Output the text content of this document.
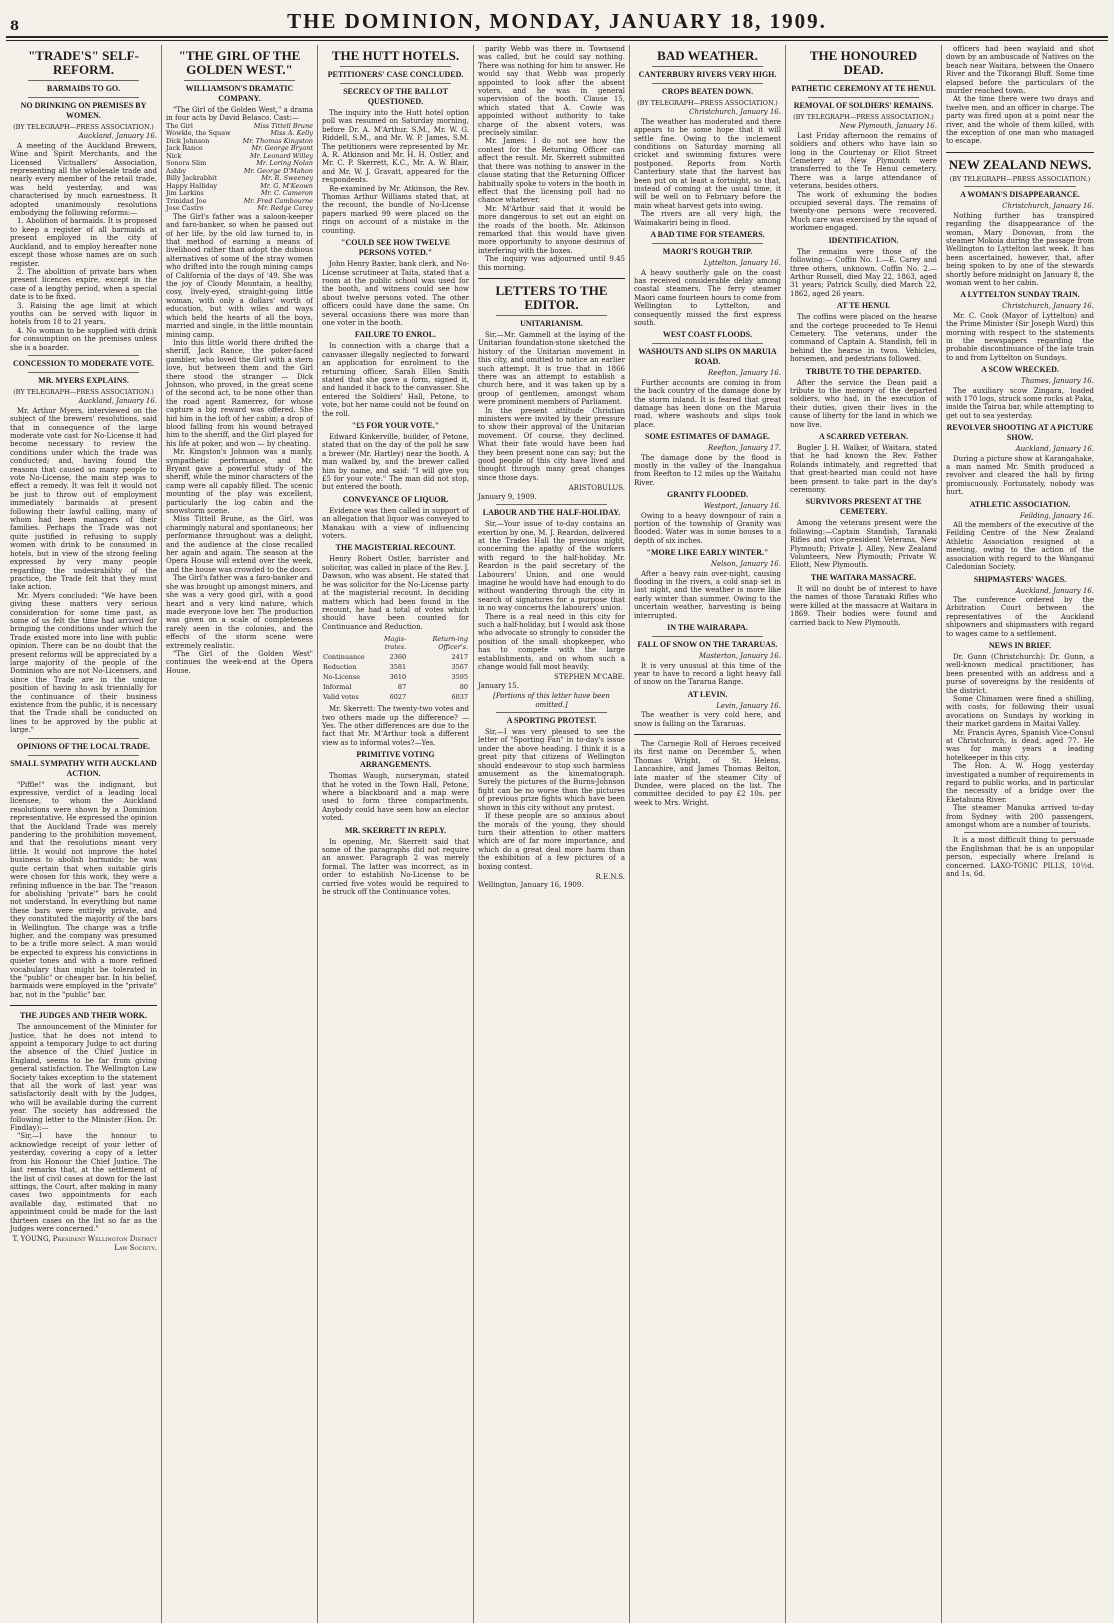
8	THE DOMINION, MONDAY, JANUARY 18, 1909.
"TRADE'S" SELF-REFORM.
BARMAIDS TO GO.
NO DRINKING ON PREMISES BY WOMEN.
(BY TELEGRAPH—PRESS ASSOCIATION.)
Auckland, January 16.

A meeting of the Auckland Brewers, Wine and Spirit Merchants, and the Licensed Victuallers' Association, representing all the wholesale trade and nearly every member of the retail trade, was held yesterday, and was characterised by much earnestness. It adopted unanimously resolutions embodying the following reforms:—

1. Abolition of barmaids. It is proposed to keep a register of all barmaids at present employed in the city of Auckland, and to employ hereafter none except those whose names are on such register.

2. The abolition of private bars when present licences expire, except in the case of a lengthy period, when a special date is to be fixed.

3. Raising the age limit at which youths can be served with liquor in hotels from 18 to 21 years.

4. No woman to be supplied with drink for consumption on the premises unless she is a boarder.

CONCESSION TO MODERATE VOTE.
MR. MYERS EXPLAINS.
(BY TELEGRAPH—PRESS ASSOCIATION.)
Auckland, January 16.

Mr. Arthur Myers, interviewed on the subject of the brewers' resolutions, said that in consequence of the large moderate vote cast for No-License it had become necessary to review the conditions under which the trade was conducted; and, having found the reasons that caused so many people to vote No-License, the main step was to effect a remedy. It was felt it would not be just to throw out of employment immediately barmaids at present following their lawful calling, many of whom had been managers of their families. Perhaps the Trade was not quite justified in refusing to supply women with drink to be consumed in hotels, but in view of the strong feeling expressed by very many people regarding the undesirability of the practice, the Trade felt that they must take action.

Mr. Myers concluded: "We have been giving these matters very serious consideration for some time past, as some of us felt the time had arrived for bringing the conditions under which the Trade existed more into line with public opinion. There can be no doubt that the present reforms will be appreciated by a large majority of the people of the Dominion who are not No-Licensers, and since the Trade are in the unique position of having to ask triennially for the continuance of their business existence from the public, it is necessary that the Trade shall be conducted on lines to be approved by the public at large."

OPINIONS OF THE LOCAL TRADE.
SMALL SYMPATHY WITH AUCKLAND ACTION.

"Piffle!" was the indignant, but expressive, verdict of a leading local licensee, to whom the Auckland resolutions were shown by a Dominion representative. He expressed the opinion that the Auckland Trade was merely pandering to the prohibition movement, and that the resolutions meant very little. It would not improve the hotel business to abolish barmaids; he was quite certain that when suitable girls were chosen for this work, they were a refining influence in the bar. The "reason for abolishing 'private'" bars he could not understand. In everything but name these bars were entirely private, and they constituted the majority of the bars in Wellington. The charge was a trifle higher, and the company was presumed to be a trifle more select. A man would be expected to express his convictions in quieter tones and with a more refined vocabulary than might be tolerated in the "public" or cheaper bar. In his belief, barmaids were employed in the "private" bar, not in the "public" bar.

THE JUDGES AND THEIR WORK.

The announcement of the Minister for Justice, that he does not intend to appoint a temporary Judge to act during the absence of the Chief Justice in England, seems to be far from giving general satisfaction. The Wellington Law Society takes exception to the statement that all the work of last year was satisfactorily dealt with by the Judges, who will be available during the current year. The society has addressed the following letter to the Minister (Hon. Dr. Findlay):—

"Sir,—I have the honour to acknowledge receipt of your letter of yesterday, covering a copy of a letter from his Honour the Chief Justice. The last remarks that, at the settlement of the list of civil cases at down for the last sittings, the Court, after making in many cases two appointments for each available day, estimated that no appointment could be made for the last thirteen cases on the list so far as the Judges were concerned."

T. YOUNG, President Wellington District Law Society.
"THE GIRL OF THE GOLDEN WEST."
WILLIAMSON'S DRAMATIC COMPANY.

"The Girl of the Golden West," a drama in four acts by David Belasco. Cast:—

The Girl	Miss Tittell Brune
Wowkle, the Squaw	Miss A. Kelly
Dick Johnson	Mr. Thomas Kingston
Jack Rance	Mr. George Bryant
Nick	Mr. Leonard Willey
Sonora Slim	Mr. Loring Nolan
Ashby	Mr. George D'Mahon
Billy Jackrabbit	Mr. R. Sweeney
Happy Halliday	Mr. G. M'Keown
Jim Larkins	Mr. C. Cameron
Trinidad Joe	Mr. Fred Cambourne
Jose Castro	Mr. Redge Carey

The Girl's father was a saloon-keeper and faro-banker, so when he passed out of her life, by the old law turned to, in that method of earning a means of livelihood rather than adopt the dubious alternatives of some of the stray women who drifted into the rough mining camps of California of the days of '49. She was the joy of Cloudy Mountain, a healthy, cosy, lively-eyed, straight-going little woman, with only a dollars' worth of education, but with wiles and ways which held the hearts of all the boys, married and single, in the little mountain mining camp.

Into this little world there drifted the sheriff, Jack Rance, the poker-faced gambler, who loved the Girl with a stern love, but between them and the Girl there stood the stranger — Dick Johnson, who proved, in the great scene of the second act, to be none other than the road agent Ramerrez, for whose capture a big reward was offered. She hid him in the loft of her cabin; a drop of blood falling from his wound betrayed him to the sheriff, and the Girl played for his life at poker, and won — by cheating.

Mr. Kingston's Johnson was a manly, sympathetic performance, and Mr. Bryant gave a powerful study of the sheriff, while the minor characters of the camp were all capably filled. The scenic mounting of the play was excellent, particularly the log cabin and the snowstorm scene.

Miss Tittell Brune, as the Girl, was charmingly natural and spontaneous; her performance throughout was a delight, and the audience at the close recalled her again and again. The season at the Opera House will extend over the week, and the house was crowded to the doors.

The Girl's father was a faro-banker and she was brought up amongst miners, and she was a very good girl, with a good heart and a very kind nature, which made everyone love her. The production was given on a scale of completeness rarely seen in the colonies, and the effects of the storm scene were extremely realistic.

"The Girl of the Golden West" continues the week-end at the Opera House.

THE HUTT HOTELS.
PETITIONERS' CASE CONCLUDED.
SECRECY OF THE BALLOT QUESTIONED.

The inquiry into the Hutt hotel option poll was resumed on Saturday morning, before Dr. A. M'Arthur, S.M., Mr. W. G. Riddell, S.M., and Mr. W. P. James, S.M. The petitioners were represented by Mr. A. R. Atkinson and Mr. H. H. Ostler, and Mr. C. P. Skerrett, K.C., Mr. A. W. Blair, and Mr. W. J. Gravatt, appeared for the respondents.

Re-examined by Mr. Atkinson, the Rev. Thomas Arthur Williams stated that, at the recount, the bundle of No-License papers marked 99 were placed on the rings on account of a mistake in the counting.

"COULD SEE HOW TWELVE PERSONS VOTED."

John Henry Baxter, bank clerk, and No-License scrutineer at Taita, stated that a room at the public school was used for the booth, and witness could see how about twelve persons voted. The other officers could have done the same. On several occasions there was more than one voter in the booth.

FAILURE TO ENROL.

In connection with a charge that a canvasser illegally neglected to forward an application for enrolment to the returning officer, Sarah Ellen Smith stated that she gave a form, signed it, and handed it back to the canvasser. She entered the Soldiers' Hall, Petone, to vote, but her name could not be found on the roll.

"£5 FOR YOUR VOTE."

Edward Kinkerville, builder, of Petone, stated that on the day of the poll he saw a brewer (Mr. Hartley) near the booth. A man walked by, and the brewer called him by name, and said: "I will give you £5 for your vote." The man did not stop, but entered the booth.

CONVEYANCE OF LIQUOR.

Evidence was then called in support of an allegation that liquor was conveyed to Manakau with a view of influencing voters.

THE MAGISTERIAL RECOUNT.

Henry Robert Ostler, barrister and solicitor, was called in place of the Rev. J. Dawson, who was absent. He stated that he was solicitor for the No-License party at the magisterial recount. In deciding matters which had been found in the recount, he had a total of votes which should have been counted for Continuance and Reduction.

	Magis-trates.	Return-ing Officer's.
Continuance	2360	2417
Reduction	3581	3567
No-License	3610	3595
Informal	87	80
Valid votes	6027	6037

Mr. Skerrett: The twenty-two votes and two others made up the difference? — Yes. The other differences are due to the fact that Mr. M'Arthur took a different view as to informal votes?—Yes.

PRIMITIVE VOTING ARRANGEMENTS.

Thomas Waugh, nurseryman, stated that he voted in the Town Hall, Petone, where a blackboard and a map were used to form three compartments. Anybody could have seen how an elector voted.

MR. SKERRETT IN REPLY.

In opening, Mr. Skerrett said that some of the paragraphs did not require an answer. Paragraph 2 was merely formal. The latter was incorrect, as in order to establish No-License to be carried five votes would be required to be struck off the Continuance votes.

parity Webb was there in. Townsend was called, but he could say nothing. There was nothing for him to answer. He would say that Webb was properly appointed to look after the absent voters, and he was in general supervision of the booth. Clause 15, which stated that A. Cowie was appointed without authority to take charge of the absent voters, was precisely similar.

Mr. James: I do not see how the contest for the Returning Officer can affect the result. Mr. Skerrett submitted that there was nothing to answer in the clause stating that the Returning Officer habitually spoke to voters in the booth in effect that the licensing poll had no chance whatever.

Mr. M'Arthur said that it would be more dangerous to set out an eight on the roads of the booth. Mr. Atkinson remarked that this would have given more opportunity to anyone desirous of interfering with the boxes.

The inquiry was adjourned until 9.45 this morning.

LETTERS TO THE EDITOR.
UNITARIANISM.

Sir,—Mr. Gammell at the laying of the Unitarian foundation-stone sketched the history of the Unitarian movement in this city, and omitted to notice an earlier such attempt. It is true that in 1866 there was an attempt to establish a church here, and it was taken up by a group of gentlemen, amongst whom were prominent members of Parliament.

In the present attitude Christian ministers were invited by their pressure to show their approval of the Unitarian movement. Of course, they declined. What their fate would have been had they been present none can say; but the good people of this city have lived and thought through many great changes since those days.

ARISTOBULUS.
January 9, 1909.
LABOUR AND THE HALF-HOLIDAY.

Sir,—Your issue of to-day contains an exertion by one, M. J. Reardon, delivered at the Trades Hall the previous night, concerning the apathy of the workers with regard to the half-holiday. Mr. Reardon is the paid secretary of the Labourers' Union, and one would imagine he would have had enough to do without wandering through the city in search of signatures for a purpose that in no way concerns the labourers' union.

There is a real need in this city for such a half-holiday, but I would ask those who advocate so strongly to consider the position of the small shopkeeper, who has to compete with the large establishments, and on whom such a change would fall most heavily.

STEPHEN M'CABE.
January 15.
[Portions of this letter have been omitted.]
A SPORTING PROTEST.

Sir,—I was very pleased to see the letter of "Sporting Fan" in to-day's issue under the above heading. I think it is a great pity that citizens of Wellington should endeavour to stop such harmless amusement as the kinematograph. Surely the pictures of the Burns-Johnson fight can be no worse than the pictures of previous prize fights which have been shown in this city without any protest.

If these people are so anxious about the morals of the young, they should turn their attention to other matters which are of far more importance, and which do a great deal more harm than the exhibition of a few pictures of a boxing contest.

R.E.N.S.
Wellington, January 16, 1909.
BAD WEATHER.
CANTERBURY RIVERS VERY HIGH.
CROPS BEATEN DOWN.
(BY TELEGRAPH—PRESS ASSOCIATION.)
Christchurch, January 16.

The weather has moderated and there appears to be some hope that it will settle fine. Owing to the inclement conditions on Saturday morning all cricket and swimming fixtures were postponed. Reports from North Canterbury state that the harvest has been put on at least a fortnight, so that, instead of coming at the usual time, it will be well on to February before the main wheat harvest gets into swing.

The rivers are all very high, the Waimakariri being in flood.

A BAD TIME FOR STEAMERS.
MAORI'S ROUGH TRIP.
Lyttelton, January 16.

A heavy southerly gale on the coast has received considerable delay among coastal steamers. The ferry steamer Maori came fourteen hours to come from Wellington to Lyttelton, and consequently missed the first express south.

WEST COAST FLOODS.
WASHOUTS AND SLIPS ON MARUIA ROAD.
Reefton, January 16.

Further accounts are coming in from the back country of the damage done by the storm inland. It is feared that great damage has been done on the Maruia road, where washouts and slips took place.

SOME ESTIMATES OF DAMAGE.
Reefton, January 17.

The damage done by the flood is mostly in the valley of the Inangahua from Reefton to 12 miles up the Waitahu River.

GRANITY FLOODED.
Westport, January 16.

Owing to a heavy downpour of rain a portion of the township of Granity was flooded. Water was in some houses to a depth of six inches.

"MORE LIKE EARLY WINTER."
Nelson, January 16.

After a heavy rain over-night, causing flooding in the rivers, a cold snap set in last night, and the weather is more like early winter than summer. Owing to the uncertain weather, harvesting is being interrupted.

IN THE WAIRARAPA.
FALL OF SNOW ON THE TARARUAS.
Masterton, January 16.

It is very unusual at this time of the year to have to record a light heavy fall of snow on the Tararua Range.

AT LEVIN.
Levin, January 16.

The weather is very cold here, and snow is falling on the Tararuas.

The Carnegie Roll of Heroes received its first name on December 5, when Thomas Wright, of St. Helens, Lancashire, and James Thomas Belton, late master of the steamer City of Dundee, were placed on the list. The committee decided to pay £2 10s. per week to Mrs. Wright.

THE HONOURED DEAD.
PATHETIC CEREMONY AT TE HENUI.
REMOVAL OF SOLDIERS' REMAINS.
(BY TELEGRAPH—PRESS ASSOCIATION.)
New Plymouth, January 16.

Last Friday afternoon the remains of soldiers and others who have lain so long in the Courtenay or Eliot Street Cemetery at New Plymouth were transferred to the Te Henui cemetery. There was a large attendance of veterans, besides others.

The work of exhuming the bodies occupied several days. The remains of twenty-one persons were recovered. Much care was exercised by the squad of workmen engaged.

IDENTIFICATION.

The remains were those of the following:— Coffin No. 1.—E. Carey and three others, unknown. Coffin No. 2.—Arthur Russell, died May 22, 1863, aged 31 years; Patrick Scully, died March 22, 1862, aged 26 years.

AT TE HENUI.

The coffins were placed on the hearse and the cortege proceeded to Te Henui Cemetery. The veterans, under the command of Captain A. Standish, fell in behind the hearse in twos. Vehicles, horsemen, and pedestrians followed.

TRIBUTE TO THE DEPARTED.

After the service the Dean paid a tribute to the memory of the departed soldiers, who had, in the execution of their duties, given their lives in the cause of liberty for the land in which we now live.

A SCARRED VETERAN.

Bugler J. H. Walker, of Waitara, stated that he had known the Rev. Father Rolands intimately, and regretted that that great-hearted man could not have been present to take part in the day's ceremony.

SURVIVORS PRESENT AT THE CEMETERY.

Among the veterans present were the following:—Captain Standish, Taranaki Rifles and vice-president Veterans, New Plymouth; Private J. Alley, New Zealand Volunteers, New Plymouth; Private W. Eliott, New Plymouth.

THE WAITARA MASSACRE.

It will no doubt be of interest to have the names of those Taranaki Rifles who were killed at the massacre at Waitara in 1869. Their bodies were found and carried back to New Plymouth.

officers had been waylaid and shot down by an ambuscade of Natives on the beach near Waitara, between the Onaero River and the Tikorangi Bluff. Some time elapsed before the particulars of the murder reached town.

At the time there were two drays and twelve men, and an officer in charge. The party was fired upon at a point near the river, and the whole of them killed, with the exception of one man who managed to escape.

NEW ZEALAND NEWS.
(BY TELEGRAPH—PRESS ASSOCIATION.)
A WOMAN'S DISAPPEARANCE.
Christchurch, January 16.

Nothing further has transpired regarding the disappearance of the woman, Mary Donovan, from the steamer Mokoia during the passage from Wellington to Lyttelton last week. It has been ascertained, however, that, after being spoken to by one of the stewards shortly before midnight on January 8, the woman went to her cabin.

A LYTTELTON SUNDAY TRAIN.
Christchurch, January 16.

Mr. C. Cook (Mayor of Lyttelton) and the Prime Minister (Sir Joseph Ward) this morning with respect to the statements in the newspapers regarding the probable discontinuance of the late train to and from Lyttelton on Sundays.

A SCOW WRECKED.
Thames, January 16.

The auxiliary scow Zingara, loaded with 170 logs, struck some rocks at Paka, inside the Tairua bar, while attempting to get out to sea yesterday.

REVOLVER SHOOTING AT A PICTURE SHOW.
Auckland, January 16.

During a picture show at Karangahake, a man named Mr. Smith produced a revolver and cleared the hall by firing promiscuously. Fortunately, nobody was hurt.

ATHLETIC ASSOCIATION.
Feilding, January 16.

All the members of the executive of the Feilding Centre of the New Zealand Athletic Association resigned at a meeting, owing to the action of the association with regard to the Wanganui Caledonian Society.

SHIPMASTERS' WAGES.
Auckland, January 16.

The conference ordered by the Arbitration Court between the representatives of the Auckland shipowners and shipmasters with regard to wages came to a settlement.

NEWS IN BRIEF.

Dr. Gunn (Christchurch): Dr. Gunn, a well-known medical practitioner, has been presented with an address and a purse of sovereigns by the residents of the district.

Some Chinamen were fined a shilling, with costs, for following their usual avocations on Sundays by working in their market gardens in Maitai Valley.

Mr. Francis Ayres, Spanish Vice-Consul at Christchurch, is dead, aged 77. He was for many years a leading hotelkeeper in this city.

The Hon. A. W. Hogg yesterday investigated a number of requirements in regard to public works, and in particular the necessity of a bridge over the Eketahuna River.

The steamer Manuka arrived to-day from Sydney with 200 passengers, amongst whom are a number of tourists.

It is a most difficult thing to persuade the Englishman that he is an unpopular person, especially where Ireland is concerned. LAXO-TONIC PILLS, 10½d. and 1s. 6d.
